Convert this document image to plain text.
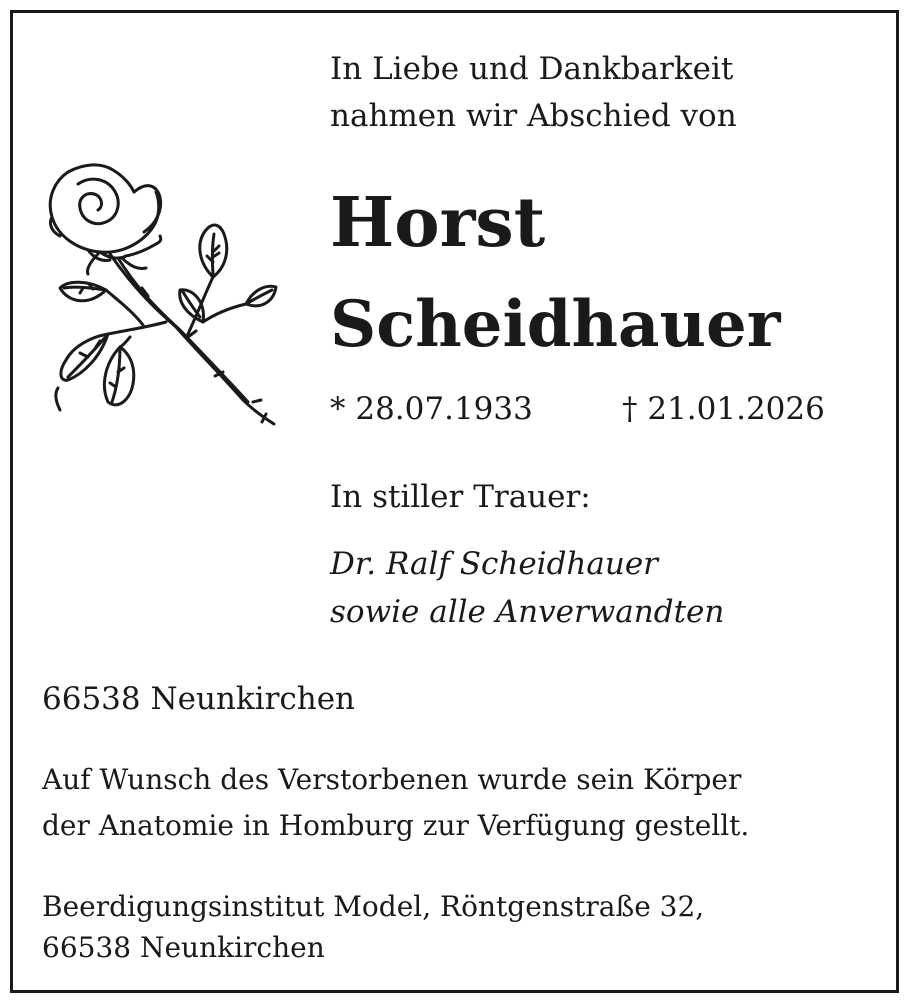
In Liebe und Dankbarkeit
nahmen wir Abschied von
Horst
Scheidhauer
* 28.07.1933	† 21.01.2026
In stiller Trauer:
Dr. Ralf Scheidhauer
sowie alle Anverwandten
66538 Neunkirchen
Auf Wunsch des Verstorbenen wurde sein Körper
der Anatomie in Homburg zur Verfügung gestellt.
Beerdigungsinstitut Model, Röntgenstraße 32,
66538 Neunkirchen
